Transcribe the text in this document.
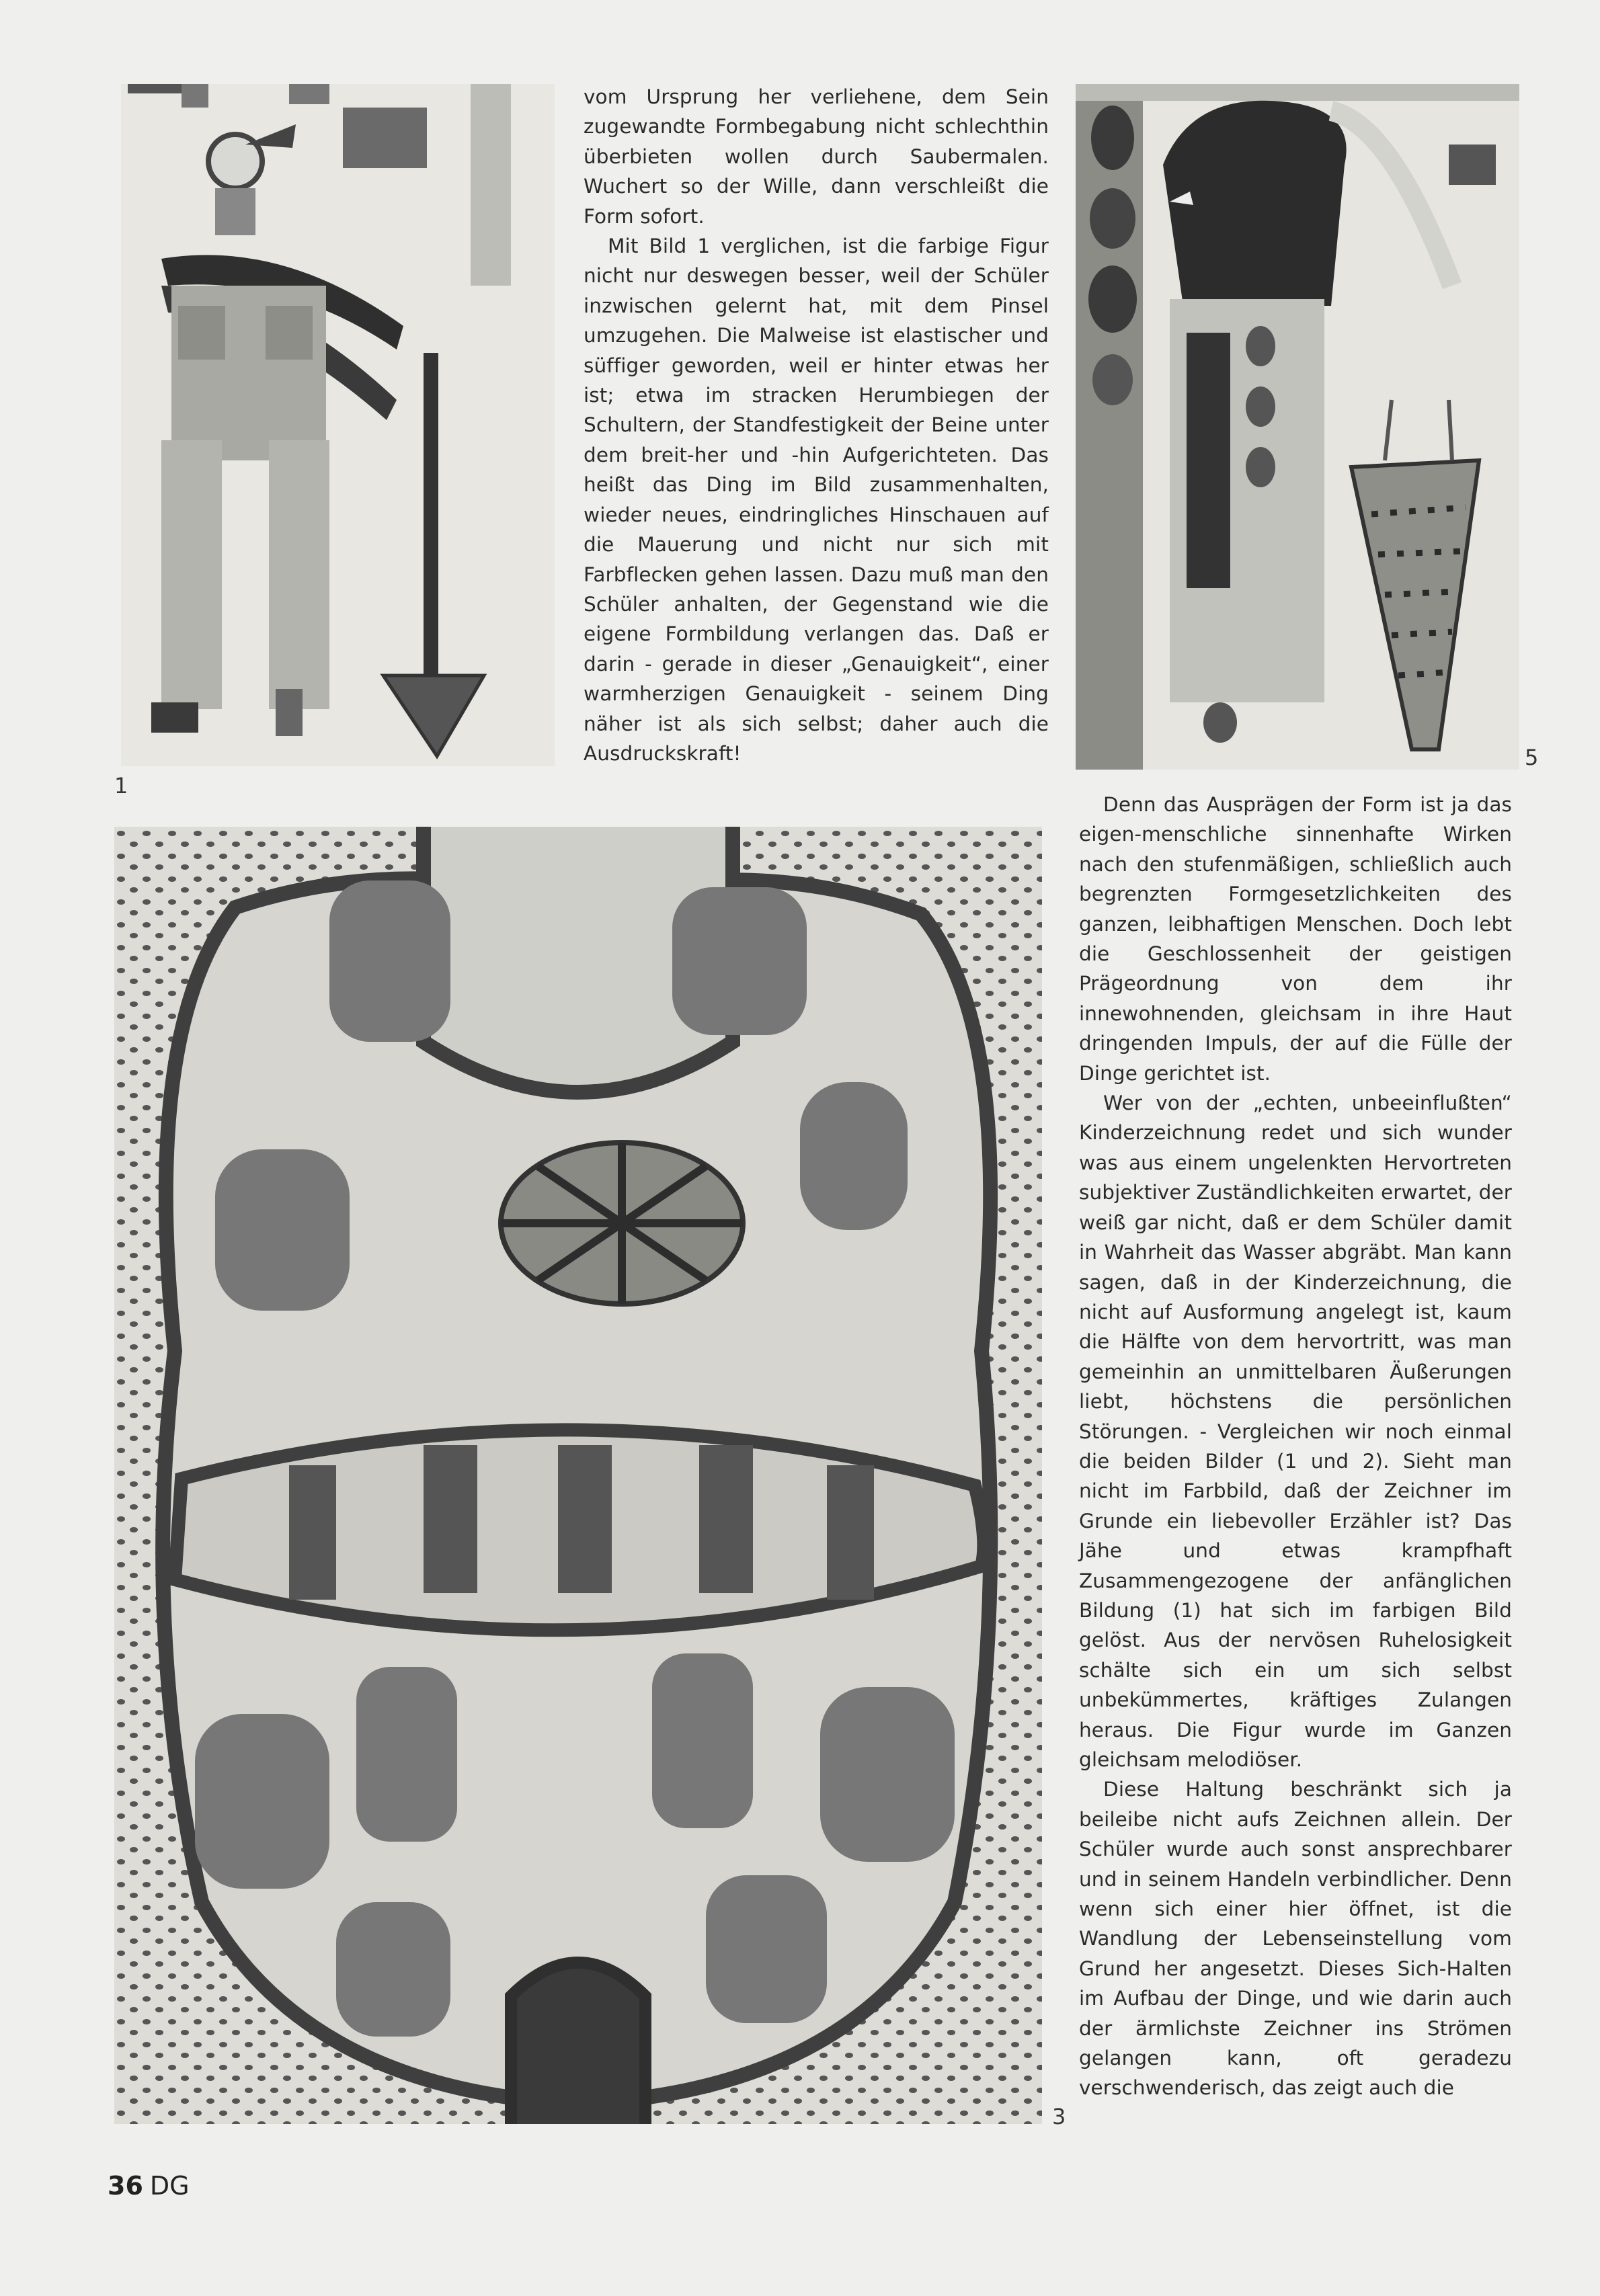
1
5
3

vom Ursprung her verliehene, dem Sein zugewandte Formbegabung nicht schlechthin überbieten wollen durch Saubermalen. Wuchert so der Wille, dann verschleißt die Form sofort.

Mit Bild 1 verglichen, ist die farbige Figur nicht nur deswegen besser, weil der Schüler inzwischen gelernt hat, mit dem Pinsel umzugehen. Die Malweise ist elastischer und süffiger geworden, weil er hinter etwas her ist; etwa im stracken Herumbiegen der Schultern, der Standfestigkeit der Beine unter dem breit-her und -hin Aufgerichteten. Das heißt das Ding im Bild zusammenhalten, wieder neues, eindringliches Hinschauen auf die Mauerung und nicht nur sich mit Farbflecken gehen lassen. Dazu muß man den Schüler anhalten, der Gegenstand wie die eigene Formbildung verlangen das. Daß er darin - gerade in dieser „Genauigkeit“, einer warmherzigen Genauigkeit - seinem Ding näher ist als sich selbst; daher auch die Ausdruckskraft!

Denn das Ausprägen der Form ist ja das eigen-menschliche sinnenhafte Wirken nach den stufenmäßigen, schließlich auch begrenzten Formgesetzlichkeiten des ganzen, leibhaftigen Menschen. Doch lebt die Geschlossenheit der geistigen Prägeordnung von dem ihr innewohnenden, gleichsam in ihre Haut dringenden Impuls, der auf die Fülle der Dinge gerichtet ist.

Wer von der „echten, unbeeinflußten“ Kinderzeichnung redet und sich wunder was aus einem ungelenkten Hervortreten subjektiver Zuständlichkeiten erwartet, der weiß gar nicht, daß er dem Schüler damit in Wahrheit das Wasser abgräbt. Man kann sagen, daß in der Kinderzeichnung, die nicht auf Ausformung angelegt ist, kaum die Hälfte von dem hervortritt, was man gemeinhin an unmittelbaren Äußerungen liebt, höchstens die persönlichen Störungen. - Vergleichen wir noch einmal die beiden Bilder (1 und 2). Sieht man nicht im Farbbild, daß der Zeichner im Grunde ein liebevoller Erzähler ist? Das Jähe und etwas krampfhaft Zusammengezogene der anfänglichen Bildung (1) hat sich im farbigen Bild gelöst. Aus der nervösen Ruhelosigkeit schälte sich ein um sich selbst unbekümmertes, kräftiges Zulangen heraus. Die Figur wurde im Ganzen gleichsam melodiöser.

Diese Haltung beschränkt sich ja beileibe nicht aufs Zeichnen allein. Der Schüler wurde auch sonst ansprechbarer und in seinem Handeln verbindlicher. Denn wenn sich einer hier öffnet, ist die Wandlung der Lebenseinstellung vom Grund her angesetzt. Dieses Sich-Halten im Aufbau der Dinge, und wie darin auch der ärmlichste Zeichner ins Strömen gelangen kann, oft geradezu verschwenderisch, das zeigt auch die

36 DG
